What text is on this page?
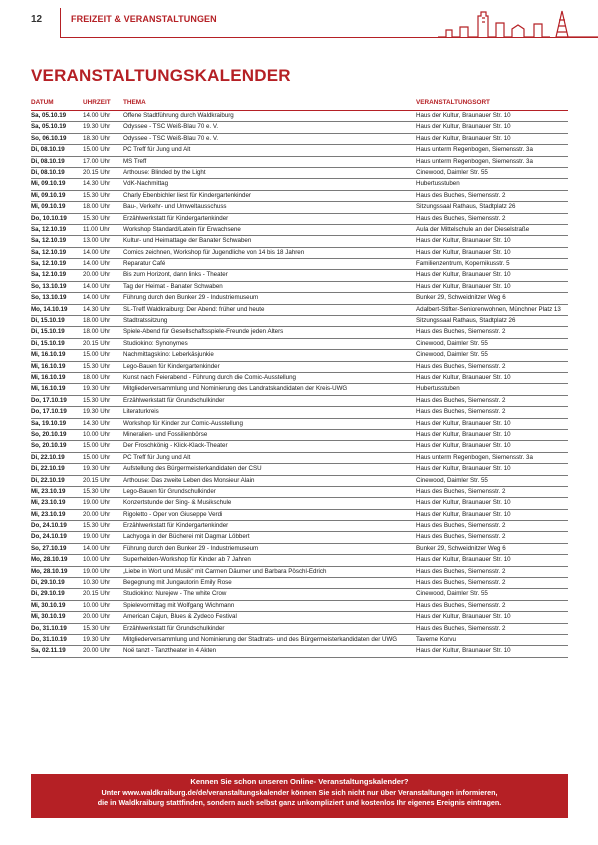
12	FREIZEIT & VERANSTALTUNGEN
VERANSTALTUNGSKALENDER
DATUM	UHRZEIT	THEMA	VERANSTALTUNGSORT
Sa, 05.10.19	14.00 Uhr	Offene Stadtführung durch Waldkraiburg	Haus der Kultur, Braunauer Str. 10
Sa, 05.10.19	19.30 Uhr	Odyssee - TSC Weiß-Blau 70 e. V.	Haus der Kultur, Braunauer Str. 10
So, 06.10.19	18.30 Uhr	Odyssee - TSC Weiß-Blau 70 e. V.	Haus der Kultur, Braunauer Str. 10
Di, 08.10.19	15.00 Uhr	PC Treff für Jung und Alt	Haus unterm Regenbogen, Siemensstr. 3a
Di, 08.10.19	17.00 Uhr	MS Treff	Haus unterm Regenbogen, Siemensstr. 3a
Di, 08.10.19	20.15 Uhr	Arthouse: Blinded by the Light	Cinewood, Daimler Str. 55
Mi, 09.10.19	14.30 Uhr	VdK-Nachmittag	Hubertusstuben
Mi, 09.10.19	15.30 Uhr	Charly Ebenbichler liest für Kindergartenkinder	Haus des Buches, Siemensstr. 2
Mi, 09.10.19	18.00 Uhr	Bau-, Verkehr- und Umweltausschuss	Sitzungssaal Rathaus, Stadtplatz 26
Do, 10.10.19	15.30 Uhr	Erzählwerkstatt für Kindergartenkinder	Haus des Buches, Siemensstr. 2
Sa, 12.10.19	11.00 Uhr	Workshop Standard/Latein für Erwachsene	Aula der Mittelschule an der Dieselstraße
Sa, 12.10.19	13.00 Uhr	Kultur- und Heimattage der Banater Schwaben	Haus der Kultur, Braunauer Str. 10
Sa, 12.10.19	14.00 Uhr	Comics zeichnen, Workshop für Jugendliche von 14 bis 18 Jahren	Haus der Kultur, Braunauer Str. 10
Sa, 12.10.19	14.00 Uhr	Reparatur Café	Familienzentrum, Kopernikusstr. 5
Sa, 12.10.19	20.00 Uhr	Bis zum Horizont, dann links - Theater	Haus der Kultur, Braunauer Str. 10
So, 13.10.19	14.00 Uhr	Tag der Heimat - Banater Schwaben	Haus der Kultur, Braunauer Str. 10
So, 13.10.19	14.00 Uhr	Führung durch den Bunker 29 - Industriemuseum	Bunker 29, Schweidnitzer Weg 6
Mo, 14.10.19	14.30 Uhr	SL-Treff Waldkraiburg: Der Abend: früher und heute	Adalbert-Stifter-Seniorenwohnen, Münchner Platz 13
Di, 15.10.19	18.00 Uhr	Stadtratssitzung	Sitzungssaal Rathaus, Stadtplatz 26
Di, 15.10.19	18.00 Uhr	Spiele-Abend für Gesellschaftsspiele-Freunde jeden Alters	Haus des Buches, Siemensstr. 2
Di, 15.10.19	20.15 Uhr	Studiokino: Synonymes	Cinewood, Daimler Str. 55
Mi, 16.10.19	15.00 Uhr	Nachmittagskino: Leberkäsjunkie	Cinewood, Daimler Str. 55
Mi, 16.10.19	15.30 Uhr	Lego-Bauen für Kindergartenkinder	Haus des Buches, Siemensstr. 2
Mi, 16.10.19	18.00 Uhr	Kunst nach Feierabend - Führung durch die Comic-Ausstellung	Haus der Kultur, Braunauer Str. 10
Mi, 16.10.19	19.30 Uhr	Mitgliederversammlung und Nominierung des Landratskandidaten der Kreis-UWG	Hubertusstuben
Do, 17.10.19	15.30 Uhr	Erzählwerkstatt für Grundschulkinder	Haus des Buches, Siemensstr. 2
Do, 17.10.19	19.30 Uhr	Literaturkreis	Haus des Buches, Siemensstr. 2
Sa, 19.10.19	14.30 Uhr	Workshop für Kinder zur Comic-Ausstellung	Haus der Kultur, Braunauer Str. 10
So, 20.10.19	10.00 Uhr	Mineralien- und Fossilienbörse	Haus der Kultur, Braunauer Str. 10
So, 20.10.19	15.00 Uhr	Der Froschkönig - Klick-Klack-Theater	Haus der Kultur, Braunauer Str. 10
Di, 22.10.19	15.00 Uhr	PC Treff für Jung und Alt	Haus unterm Regenbogen, Siemensstr. 3a
Di, 22.10.19	19.30 Uhr	Aufstellung des Bürgermeisterkandidaten der CSU	Haus der Kultur, Braunauer Str. 10
Di, 22.10.19	20.15 Uhr	Arthouse: Das zweite Leben des Monsieur Alain	Cinewood, Daimler Str. 55
Mi, 23.10.19	15.30 Uhr	Lego-Bauen für Grundschulkinder	Haus des Buches, Siemensstr. 2
Mi, 23.10.19	19.00 Uhr	Konzertstunde der Sing- & Musikschule	Haus der Kultur, Braunauer Str. 10
Mi, 23.10.19	20.00 Uhr	Rigoletto - Oper von Giuseppe Verdi	Haus der Kultur, Braunauer Str. 10
Do, 24.10.19	15.30 Uhr	Erzählwerkstatt für Kindergartenkinder	Haus des Buches, Siemensstr. 2
Do, 24.10.19	19.00 Uhr	Lachyoga in der Bücherei mit Dagmar Löbbert	Haus des Buches, Siemensstr. 2
So, 27.10.19	14.00 Uhr	Führung durch den Bunker 29 - Industriemuseum	Bunker 29, Schweidnitzer Weg 6
Mo, 28.10.19	10.00 Uhr	Superhelden-Workshop für Kinder ab 7 Jahren	Haus der Kultur, Braunauer Str. 10
Mo, 28.10.19	19.00 Uhr	„Liebe in Wort und Musik“ mit Carmen Däumer und Barbara Pöschl-Edrich	Haus des Buches, Siemensstr. 2
Di, 29.10.19	10.30 Uhr	Begegnung mit Jungautorin Emily Rose	Haus des Buches, Siemensstr. 2
Di, 29.10.19	20.15 Uhr	Studiokino: Nurejew - The white Crow	Cinewood, Daimler Str. 55
Mi, 30.10.19	10.00 Uhr	Spielevormittag mit Wolfgang Wichmann	Haus des Buches, Siemensstr. 2
Mi, 30.10.19	20.00 Uhr	American Cajun, Blues & Zydeco Festival	Haus der Kultur, Braunauer Str. 10
Do, 31.10.19	15.30 Uhr	Erzählwerkstatt für Grundschulkinder	Haus des Buches, Siemensstr. 2
Do, 31.10.19	19.30 Uhr	Mitgliederversammlung und Nominierung der Stadtrats- und des Bürgermeisterkandidaten der UWG	Taverne Korvu
Sa, 02.11.19	20.00 Uhr	Noë tanzt - Tanztheater in 4 Akten	Haus der Kultur, Braunauer Str. 10
Kennen Sie schon unseren Online- Veranstaltungskalender?
Unter www.waldkraiburg.de/de/veranstaltungskalender können Sie sich nicht nur über Veranstaltungen informieren,
die in Waldkraiburg stattfinden, sondern auch selbst ganz unkompliziert und kostenlos Ihr eigenes Ereignis eintragen.
